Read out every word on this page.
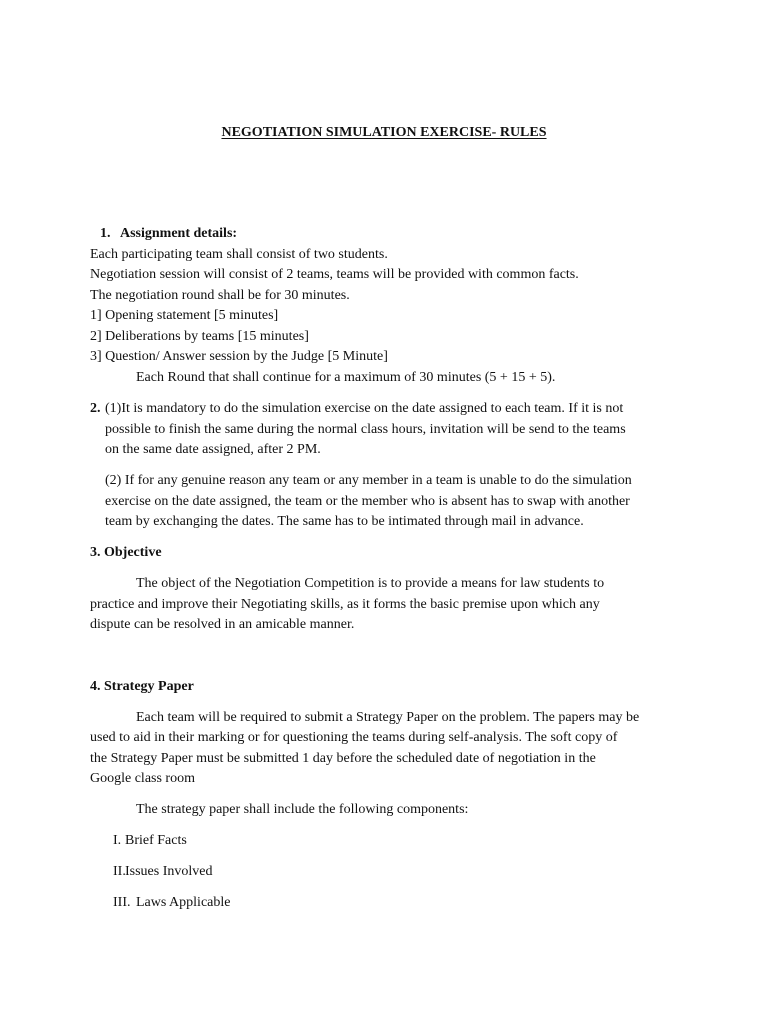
NEGOTIATION SIMULATION EXERCISE- RULES
1. Assignment details:
Each participating team shall consist of two students.
Negotiation session will consist of 2 teams, teams will be provided with common facts.
The negotiation round shall be for 30 minutes.
1] Opening statement [5 minutes]
2] Deliberations by teams [15 minutes]
3] Question/ Answer session by the Judge [5 Minute]
Each Round that shall continue for a maximum of 30 minutes (5 + 15 + 5).
2. (1)It is mandatory to do the simulation exercise on the date assigned to each team. If it is not
possible to finish the same during the normal class hours, invitation will be send to the teams
on the same date assigned, after 2 PM.
(2) If for any genuine reason any team or any member in a team is unable to do the simulation
exercise on the date assigned, the team or the member who is absent has to swap with another
team by exchanging the dates. The same has to be intimated through mail in advance.
3. Objective
The object of the Negotiation Competition is to provide a means for law students to
practice and improve their Negotiating skills, as it forms the basic premise upon which any
dispute can be resolved in an amicable manner.
4. Strategy Paper
Each team will be required to submit a Strategy Paper on the problem. The papers may be
used to aid in their marking or for questioning the teams during self-analysis. The soft copy of
the Strategy Paper must be submitted 1 day before the scheduled date of negotiation in the
Google class room
The strategy paper shall include the following components:
I. Brief Facts
II. Issues Involved
III. Laws Applicable
